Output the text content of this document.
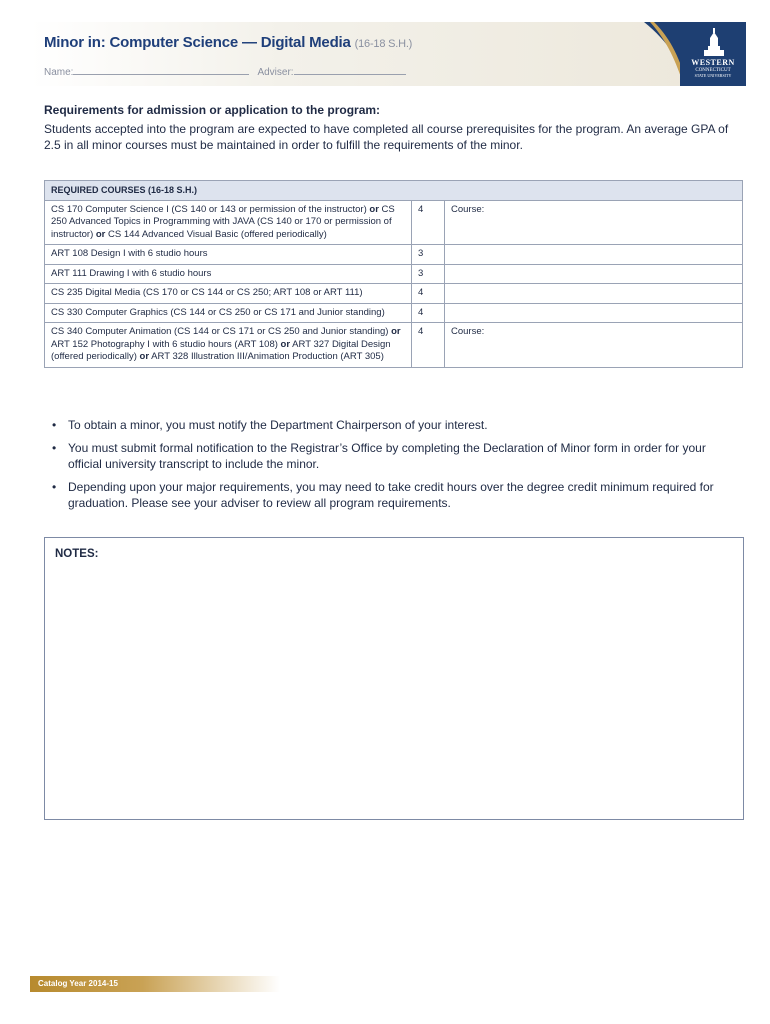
Minor in: Computer Science — Digital Media (16-18 S.H.)
Name:	Adviser:
WESTERN
CONNECTICUT
STATE UNIVERSITY
Requirements for admission or application to the program:
Students accepted into the program are expected to have completed all course prerequisites for the program. An average GPA of 2.5 in all minor courses must be maintained in order to fulfill the requirements of the minor.
REQUIRED COURSES (16-18 S.H.)		
CS 170 Computer Science I (CS 140 or 143 or permission of the instructor) or CS 250 Advanced Topics in Programming with JAVA (CS 140 or 170 or permission of instructor) or CS 144 Advanced Visual Basic (offered periodically)	4	Course:
ART 108 Design I with 6 studio hours	3	
ART 111 Drawing I with 6 studio hours	3	
CS 235 Digital Media (CS 170 or CS 144 or CS 250; ART 108 or ART 111)	4	
CS 330 Computer Graphics (CS 144 or CS 250 or CS 171 and Junior standing)	4	
CS 340 Computer Animation (CS 144 or CS 171 or CS 250 and Junior standing) or ART 152 Photography I with 6 studio hours (ART 108) or ART 327 Digital Design (offered periodically) or ART 328 Illustration III/Animation Production (ART 305)	4	Course:
• To obtain a minor, you must notify the Department Chairperson of your interest.
• You must submit formal notification to the Registrar’s Office by completing the Declaration of Minor form in order for your official university transcript to include the minor.
• Depending upon your major requirements, you may need to take credit hours over the degree credit minimum required for graduation. Please see your adviser to review all program requirements.
NOTES:
Catalog Year 2014-15
